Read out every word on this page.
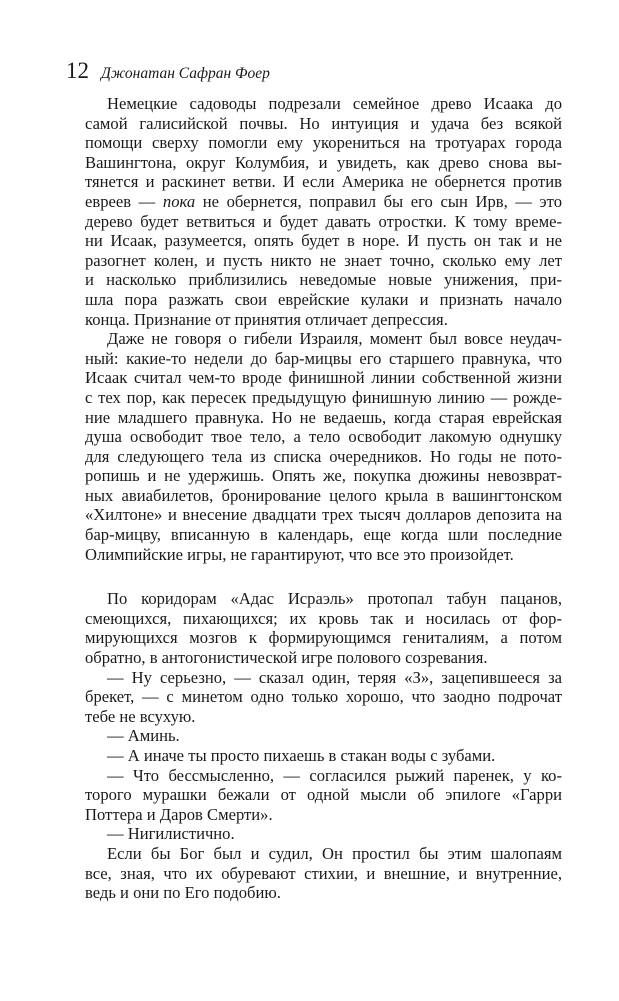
12 Джонатан Сафран Фоер
Немецкие садоводы подрезали семейное древо Исаака до
самой галисийской почвы. Но интуиция и удача без всякой
помощи сверху помогли ему укорениться на тротуарах города
Вашингтона, округ Колумбия, и увидеть, как древо снова вы-
тянется и раскинет ветви. И если Америка не обернется против
евреев — пока не обернется, поправил бы его сын Ирв, — это
дерево будет ветвиться и будет давать отростки. К тому време-
ни Исаак, разумеется, опять будет в норе. И пусть он так и не
разогнет колен, и пусть никто не знает точно, сколько ему лет
и насколько приблизились неведомые новые унижения, при-
шла пора разжать свои еврейские кулаки и признать начало
конца. Признание от принятия отличает депрессия.
Даже не говоря о гибели Израиля, момент был вовсе неудач-
ный: какие-то недели до бар-мицвы его старшего правнука, что
Исаак считал чем-то вроде финишной линии собственной жизни
с тех пор, как пересек предыдущую финишную линию — рожде-
ние младшего правнука. Но не ведаешь, когда старая еврейская
душа освободит твое тело, а тело освободит лакомую однушку
для следующего тела из списка очередников. Но годы не пото-
ропишь и не удержишь. Опять же, покупка дюжины невозврат-
ных авиабилетов, бронирование целого крыла в вашингтонском
«Хилтоне» и внесение двадцати трех тысяч долларов депозита на
бар-мицву, вписанную в календарь, еще когда шли последние
Олимпийские игры, не гарантируют, что все это произойдет.
По коридорам «Адас Исраэль» протопал табун пацанов,
смеющихся, пихающихся; их кровь так и носилась от фор-
мирующихся мозгов к формирующимся гениталиям, а потом
обратно, в антогонистической игре полового созревания.
— Ну серьезно, — сказал один, теряя «З», зацепившееся за
брекет, — с минетом одно только хорошо, что заодно подрочат
тебе не всухую.
— Аминь.
— А иначе ты просто пихаешь в стакан воды с зубами.
— Что бессмысленно, — согласился рыжий паренек, у ко-
торого мурашки бежали от одной мысли об эпилоге «Гарри
Поттера и Даров Смерти».
— Нигилистично.
Если бы Бог был и судил, Он простил бы этим шалопаям
все, зная, что их обуревают стихии, и внешние, и внутренние,
ведь и они по Его подобию.
